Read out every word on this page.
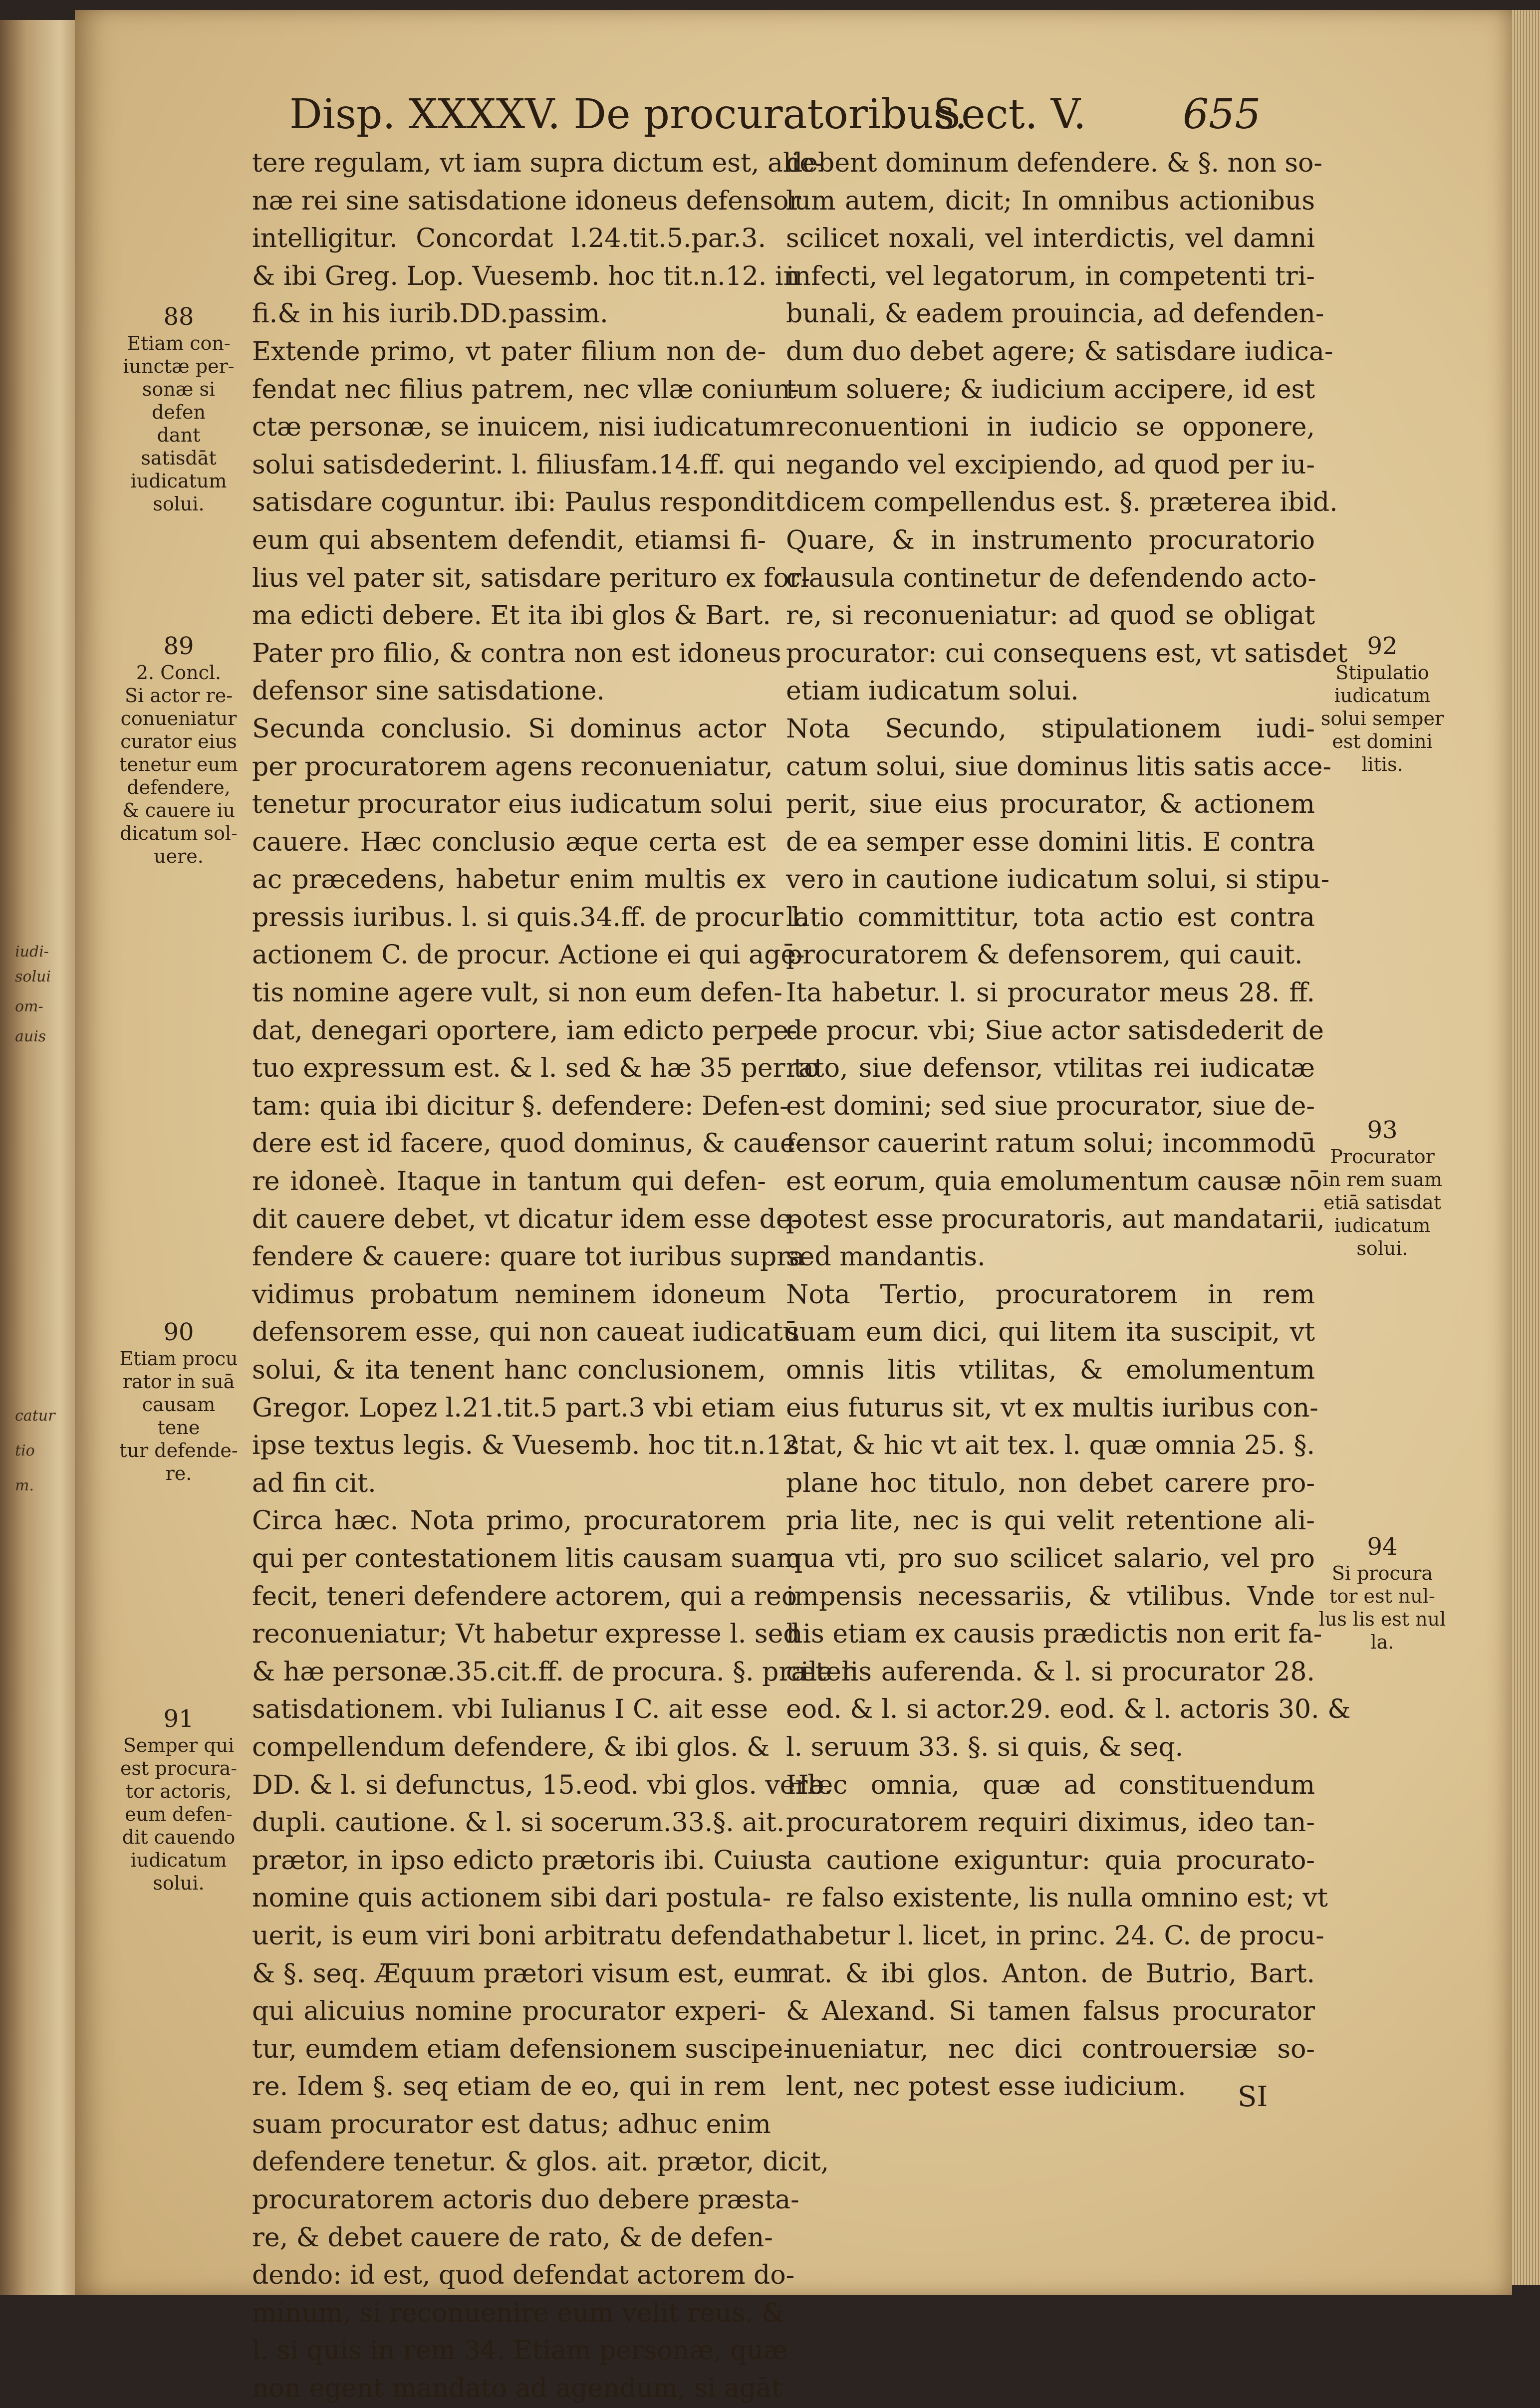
iudi-
solui
om-
auis
catur
tio
m.
Disp. XXXXV. De procuratoribus.
Sect. V. 655
tere regulam, vt iam supra dictum est, alie-
næ rei sine satisdatione idoneus defensor
intelligitur. Concordat l.24.tit.5.par.3.
& ibi Greg. Lop. Vuesemb. hoc tit.n.12. in
fi.& in his iurib.DD.passim.
Extende primo, vt pater filium non de-
fendat nec filius patrem, nec vllæ coniun-
ctæ personæ, se inuicem, nisi iudicatum
solui satisdederint. l. filiusfam.14.ff. qui
satisdare coguntur. ibi: Paulus respondit
eum qui absentem defendit, etiamsi fi-
lius vel pater sit, satisdare perituro ex for-
ma edicti debere. Et ita ibi glos & Bart.
Pater pro filio, & contra non est idoneus
defensor sine satisdatione.
Secunda conclusio. Si dominus actor
per procuratorem agens reconueniatur,
tenetur procurator eius iudicatum solui
cauere. Hæc conclusio æque certa est
ac præcedens, habetur enim multis ex
pressis iuribus. l. si quis.34.ff. de procur l.
actionem C. de procur. Actione ei qui agē-
tis nomine agere vult, si non eum defen-
dat, denegari oportere, iam edicto perpe-
tuo expressum est. & l. sed & hæ 35 per to
tam: quia ibi dicitur §. defendere: Defen-
dere est id facere, quod dominus, & caue-
re idoneè. Itaque in tantum qui defen-
dit cauere debet, vt dicatur idem esse de-
fendere & cauere: quare tot iuribus supra
vidimus probatum neminem idoneum
defensorem esse, qui non caueat iudicatū
solui, & ita tenent hanc conclusionem,
Gregor. Lopez l.21.tit.5 part.3 vbi etiam
ipse textus legis. & Vuesemb. hoc tit.n.12.
ad fin cit.
Circa hæc. Nota primo, procuratorem
qui per contestationem litis causam suam
fecit, teneri defendere actorem, qui a reo
reconueniatur; Vt habetur expresse l. sed
& hæ personæ.35.cit.ff. de procura. §. præter
satisdationem. vbi Iulianus I C. ait esse
compellendum defendere, & ibi glos. &
DD. & l. si defunctus, 15.eod. vbi glos. verb.
dupli. cautione. & l. si socerum.33.§. ait.
prætor, in ipso edicto prætoris ibi. Cuius
nomine quis actionem sibi dari postula-
uerit, is eum viri boni arbitratu defendat
& §. seq. Æquum prætori visum est, eum
qui alicuius nomine procurator experi-
tur, eumdem etiam defensionem suscipe-
re. Idem §. seq etiam de eo, qui in rem
suam procurator est datus; adhuc enim
defendere tenetur. & glos. ait. prætor, dicit,
procuratorem actoris duo debere præsta-
re, & debet cauere de rato, & de defen-
dendo: id est, quod defendat actorem do-
minum, si reconuenire eum velit reus. &
l. si quis in rem 34. Etiam personæ, quæ
non egent mandato ad agendum, si agāt
debent dominum defendere. & §. non so-
lum autem, dicit; In omnibus actionibus
scilicet noxali, vel interdictis, vel damni
infecti, vel legatorum, in competenti tri-
bunali, & eadem prouincia, ad defenden-
dum duo debet agere; & satisdare iudica-
tum soluere; & iudicium accipere, id est
reconuentioni in iudicio se opponere,
negando vel excipiendo, ad quod per iu-
dicem compellendus est. §. præterea ibid.
Quare, & in instrumento procuratorio
clausula continetur de defendendo acto-
re, si reconueniatur: ad quod se obligat
procurator: cui consequens est, vt satisdet
etiam iudicatum solui.
Nota Secundo, stipulationem iudi-
catum solui, siue dominus litis satis acce-
perit, siue eius procurator, & actionem
de ea semper esse domini litis. E contra
vero in cautione iudicatum solui, si stipu-
latio committitur, tota actio est contra
procuratorem & defensorem, qui cauit.
Ita habetur. l. si procurator meus 28. ff.
de procur. vbi; Siue actor satisdederit de
rato, siue defensor, vtilitas rei iudicatæ
est domini; sed siue procurator, siue de-
fensor cauerint ratum solui; incommodū
est eorum, quia emolumentum causæ nō
potest esse procuratoris, aut mandatarii,
sed mandantis.
Nota Tertio, procuratorem in rem
suam eum dici, qui litem ita suscipit, vt
omnis litis vtilitas, & emolumentum
eius futurus sit, vt ex multis iuribus con-
stat, & hic vt ait tex. l. quæ omnia 25. §.
plane hoc titulo, non debet carere pro-
pria lite, nec is qui velit retentione ali-
qua vti, pro suo scilicet salario, vel pro
impensis necessariis, & vtilibus. Vnde
his etiam ex causis prædictis non erit fa-
cile lis auferenda. & l. si procurator 28.
eod. & l. si actor.29. eod. & l. actoris 30. &
l. seruum 33. §. si quis, & seq.
Hæc omnia, quæ ad constituendum
procuratorem requiri diximus, ideo tan-
ta cautione exiguntur: quia procurato-
re falso existente, lis nulla omnino est; vt
habetur l. licet, in princ. 24. C. de procu-
rat. & ibi glos. Anton. de Butrio, Bart.
& Alexand. Si tamen falsus procurator
inueniatur, nec dici controuersiæ so-
lent, nec potest esse iudicium.
88
Etiam con-
iunctæ per-
sonæ si defen
dant satisdāt
iudicatum
solui.
89
2. Concl.
Si actor re-
conueniatur
curator eius
tenetur eum
defendere,
& cauere iu
dicatum sol-
uere.
90
Etiam procu
rator in suā
causam tene
tur defende-
re.
91
Semper qui
est procura-
tor actoris,
eum defen-
dit cauendo
iudicatum
solui.
92
Stipulatio
iudicatum
solui semper
est domini
litis.
93
Procurator
in rem suam
etiā satisdat
iudicatum
solui.
94
Si procura
tor est nul-
lus lis est nul
la.
SI
